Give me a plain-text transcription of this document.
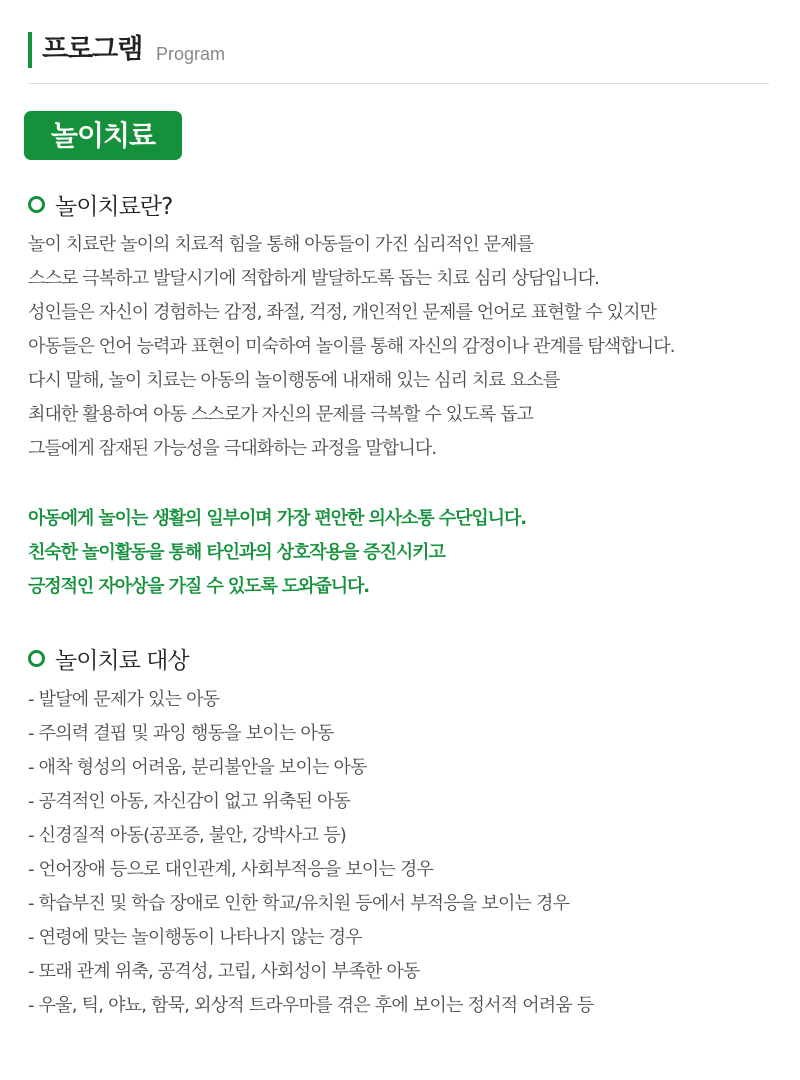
프로그램 Program
놀이치료
놀이치료란?
놀이 치료란 놀이의 치료적 힘을 통해 아동들이 가진 심리적인 문제를
스스로 극복하고 발달시기에 적합하게 발달하도록 돕는 치료 심리 상담입니다.
성인들은 자신이 경험하는 감정, 좌절, 걱정, 개인적인 문제를 언어로 표현할 수 있지만
아동들은 언어 능력과 표현이 미숙하여 놀이를 통해 자신의 감정이나 관계를 탐색합니다.
다시 말해, 놀이 치료는 아동의 놀이행동에 내재해 있는 심리 치료 요소를
최대한 활용하여 아동 스스로가 자신의 문제를 극복할 수 있도록 돕고
그들에게 잠재된 가능성을 극대화하는 과정을 말합니다.
아동에게 놀이는 생활의 일부이며 가장 편안한 의사소통 수단입니다.
친숙한 놀이활동을 통해 타인과의 상호작용을 증진시키고
긍정적인 자아상을 가질 수 있도록 도와줍니다.
놀이치료 대상
- 발달에 문제가 있는 아동
- 주의력 결핍 및 과잉 행동을 보이는 아동
- 애착 형성의 어려움, 분리불안을 보이는 아동
- 공격적인 아동, 자신감이 없고 위축된 아동
- 신경질적 아동(공포증, 불안, 강박사고 등)
- 언어장애 등으로 대인관계, 사회부적응을 보이는 경우
- 학습부진 및 학습 장애로 인한 학교/유치원 등에서 부적응을 보이는 경우
- 연령에 맞는 놀이행동이 나타나지 않는 경우
- 또래 관계 위축, 공격성, 고립, 사회성이 부족한 아동
- 우울, 틱, 야뇨, 함묵, 외상적 트라우마를 겪은 후에 보이는 정서적 어려움 등
